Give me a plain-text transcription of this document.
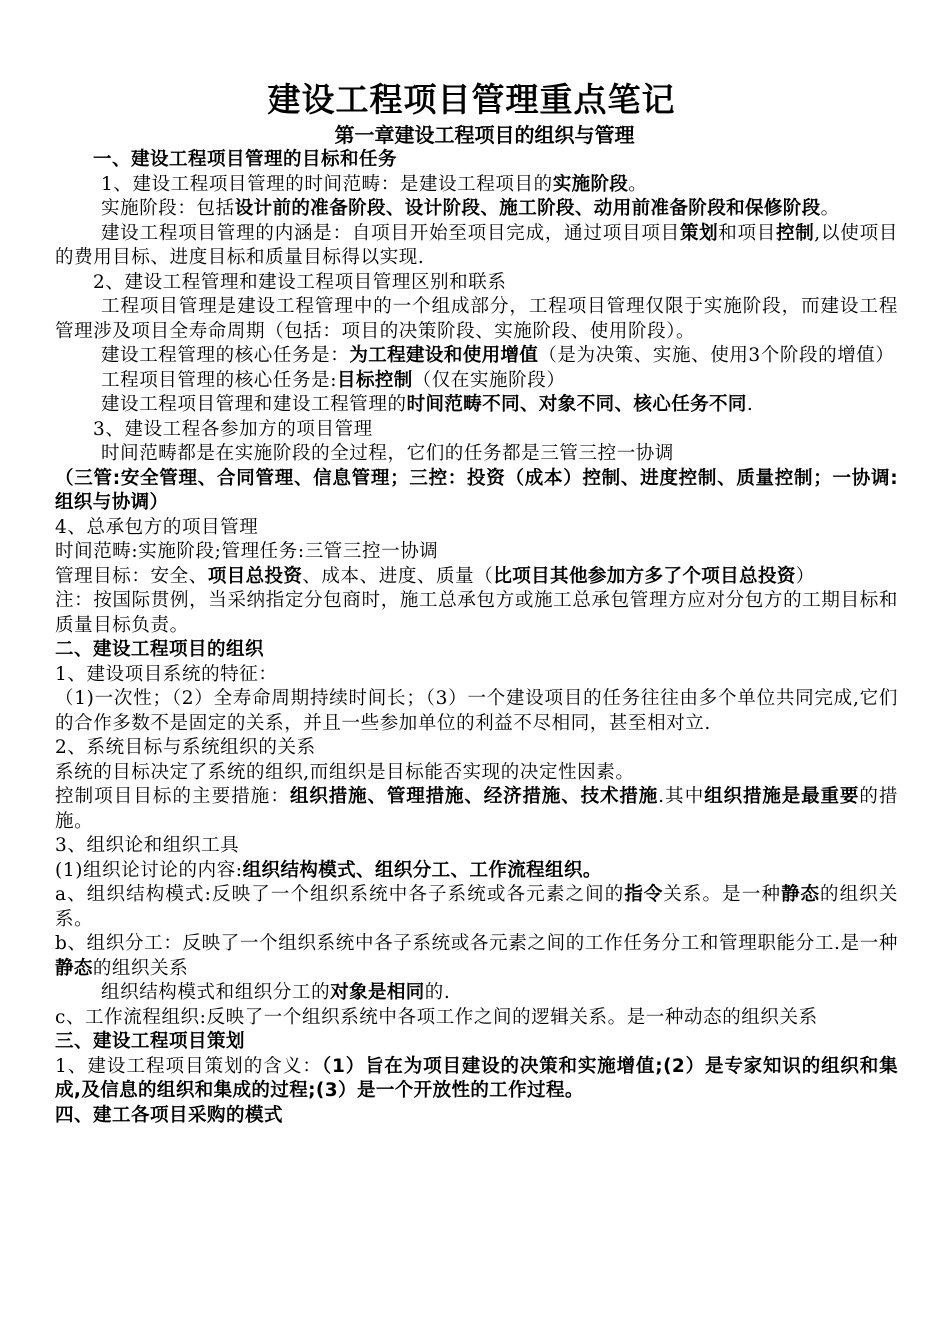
建设工程项目管理重点笔记
第一章建设工程项目的组织与管理
一、建设工程项目管理的目标和任务
1、建设工程项目管理的时间范畴：是建设工程项目的实施阶段。
实施阶段：包括设计前的准备阶段、设计阶段、施工阶段、动用前准备阶段和保修阶段。
建设工程项目管理的内涵是：自项目开始至项目完成，通过项目项目策划和项目控制,以使项目的费用目标、进度目标和质量目标得以实现.
2、建设工程管理和建设工程项目管理区别和联系
工程项目管理是建设工程管理中的一个组成部分，工程项目管理仅限于实施阶段，而建设工程管理涉及项目全寿命周期（包括：项目的决策阶段、实施阶段、使用阶段）。
建设工程管理的核心任务是：为工程建设和使用增值（是为决策、实施、使用3个阶段的增值）
工程项目管理的核心任务是:目标控制（仅在实施阶段）
建设工程项目管理和建设工程管理的时间范畴不同、对象不同、核心任务不同.
3、建设工程各参加方的项目管理
时间范畴都是在实施阶段的全过程，它们的任务都是三管三控一协调
（三管:安全管理、合同管理、信息管理；三控：投资（成本）控制、进度控制、质量控制；一协调:组织与协调）
4、总承包方的项目管理
时间范畴:实施阶段;管理任务:三管三控一协调
管理目标：安全、项目总投资、成本、进度、质量（比项目其他参加方多了个项目总投资）
注：按国际贯例，当采纳指定分包商时，施工总承包方或施工总承包管理方应对分包方的工期目标和质量目标负责。
二、建设工程项目的组织
1、建设项目系统的特征：
（1)一次性；（2）全寿命周期持续时间长；（3）一个建设项目的任务往往由多个单位共同完成,它们的合作多数不是固定的关系，并且一些参加单位的利益不尽相同，甚至相对立.
2、系统目标与系统组织的关系
系统的目标决定了系统的组织,而组织是目标能否实现的决定性因素。
控制项目目标的主要措施：组织措施、管理措施、经济措施、技术措施.其中组织措施是最重要的措施。
3、组织论和组织工具
(1)组织论讨论的内容:组织结构模式、组织分工、工作流程组织。
a、组织结构模式:反映了一个组织系统中各子系统或各元素之间的指令关系。是一种静态的组织关系。
b、组织分工：反映了一个组织系统中各子系统或各元素之间的工作任务分工和管理职能分工.是一种静态的组织关系
组织结构模式和组织分工的对象是相同的.
c、工作流程组织:反映了一个组织系统中各项工作之间的逻辑关系。是一种动态的组织关系
三、建设工程项目策划
1、建设工程项目策划的含义：（1）旨在为项目建设的决策和实施增值;(2）是专家知识的组织和集成,及信息的组织和集成的过程;(3）是一个开放性的工作过程。
四、建工各项目采购的模式
